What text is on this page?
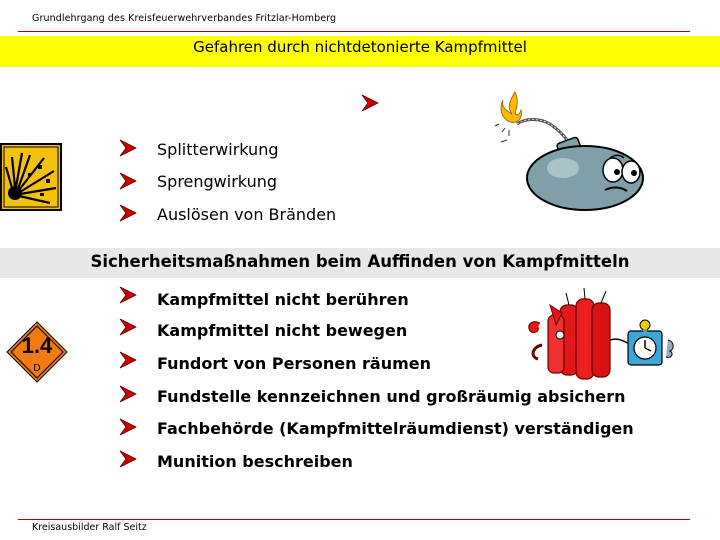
Grundlehrgang des Kreisfeuerwehrverbandes Fritzlar-Homberg
Gefahren durch nichtdetonierte Kampfmittel
Splitterwirkung
Sprengwirkung
Auslösen von Bränden
Sicherheitsmaßnahmen beim Auffinden von Kampfmitteln
1.4
D
Kampfmittel nicht berühren
Kampfmittel nicht bewegen
Fundort von Personen räumen
Fundstelle kennzeichnen und großräumig absichern
Fachbehörde (Kampfmittelräumdienst) verständigen
Munition beschreiben
Kreisausbilder Ralf Seitz
